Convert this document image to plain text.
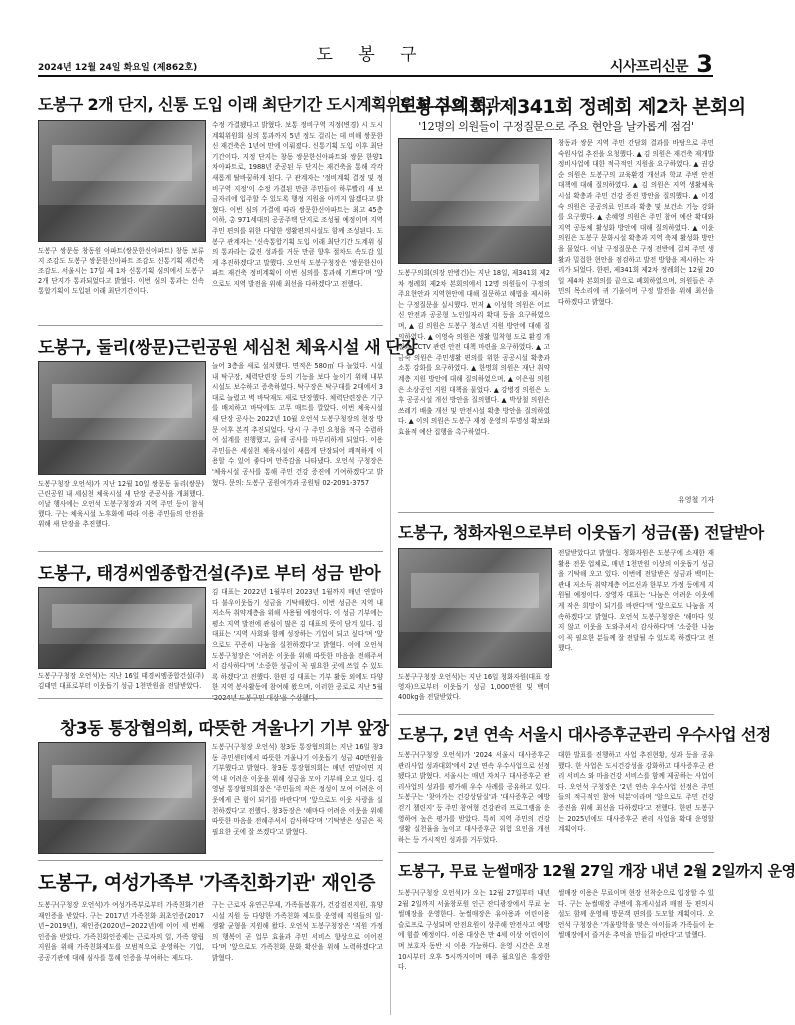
도 봉 구
2024년 12월 24일 화요일 (제862호)	시사프리신문 3
도봉구 2개 단지, 신통 도입 이래 최단기간 도시계획위원회 심의 통과
도봉구 쌍문동 창동원 아파트(쌍문한신아파트) 창동 보류지 조감도 도봉구 쌍문한신아파트 조감도 신통기획 재건축 조감도. 서울시는 17일 제 1차 신통기획 심의에서 도봉구 2개 단지가 통과되었다고 밝혔다. 이번 심의 통과는 신속통합기획이 도입된 이래 최단기간이다.
수정 가결됐다고 밝혔다. 보통 정비구역 지정(변경) 시 도시계획위원회 심의 통과까지 5년 정도 걸리는 데 비해 쌍문한신 재건축은 1년여 만에 이뤄졌다. 신통기획 도입 이후 최단기간이다. 지정 단지는 창동 쌍문한신아파트와 쌍문 한양1차아파트로, 1988년 준공된 두 단지는 재건축을 통해 각각 새롭게 탈바꿈하게 된다. 구 관계자는 '정비계획 결정 및 정비구역 지정'이 수정 가결된 만큼 주민들이 하루빨리 새 보금자리에 입주할 수 있도록 행정 지원을 아끼지 않겠다고 밝혔다. 이번 심의 가결에 따라 쌍문한신아파트는 최고 45층 이하, 총 971세대의 공공주택 단지로 조성될 예정이며 지역 주민 편의를 위한 다양한 생활편의시설도 함께 조성된다. 도봉구 관계자는 '신속통합기획 도입 이래 최단기간 도계위 심의 통과라는 값진 성과를 거둔 만큼 향후 절차도 속도감 있게 추진하겠다'고 말했다. 오언석 도봉구청장은 '쌍문한신아파트 재건축 정비계획이 이번 심의를 통과해 기쁘다'며 '앞으로도 지역 발전을 위해 최선을 다하겠다'고 전했다.
도봉구, 둘리(쌍문)근린공원 세심천 체육시설 새 단장
도봉구청장 오언석)가 지난 12월 10일 쌍문동 둘리(쌍문)근린공원 내 세심천 체육시설 새 단장 준공식을 개최했다. 이날 행사에는 오언석 도봉구청장과 지역 주민 등이 참석했다. 구는 체육시설 노후화에 따라 이용 주민들의 안전을 위해 새 단장을 추진했다.
늘어 3층을 새로 설치했다. 면적은 580㎡ 다 늘었다. 시설 내 탁구장, 체력단련장 등의 기능을 보다 높이기 위해 내부 시설도 보수하고 증축하였다. 탁구장은 탁구대를 2대에서 3대로 늘렸고 벽 바닥재도 새로 단장했다. 체력단련장은 기구를 배치하고 바닥에도 고무 매트를 깔았다. 이번 체육시설 새 단장 공사는 2022년 10월 오언석 도봉구청장의 현장 방문 이후 본격 추진되었다. 당시 구 주민 요청을 적극 수렴하여 설계를 진행했고, 올해 공사를 마무리하게 되었다. 이용 주민들은 세심천 체육시설이 새롭게 단장되어 쾌적하게 이용할 수 있어 좋다며 만족감을 나타냈다. 오언석 구청장은 '체육시설 공사를 통해 주민 건강 증진에 기여하겠다'고 밝혔다. 문의: 도봉구 공원여가과 공원팀 02-2091-3757
도봉구, 태경씨엠종합건설(주)로 부터 성금 받아
도봉구구청장 오언석)는 지난 16일 태경씨엠종합건설(주) 김태민 대표로부터 이웃돕기 성금 1천만원을 전달받았다.
김 대표는 2022년 1월부터 2023년 1월까지 매년 연말마다 불우이웃돕기 성금을 기탁해왔다. 이번 성금은 지역 내 저소득 취약계층을 위해 사용될 예정이다. 이 성금 기부에는 평소 지역 발전에 관심이 많은 김 대표의 뜻이 담겨 있다. 김 대표는 '지역 사회와 함께 성장하는 기업이 되고 싶다'며 '앞으로도 꾸준히 나눔을 실천하겠다'고 밝혔다. 이에 오언석 도봉구청장은 '어려운 이웃을 위해 따뜻한 마음을 전해주셔서 감사하다'며 '소중한 성금이 꼭 필요한 곳에 쓰일 수 있도록 하겠다'고 전했다. 한편 김 대표는 기부 활동 외에도 다양한 지역 봉사활동에 참여해 왔으며, 이러한 공로로 지난 5월 '2024년 도봉구민 대상'을 수상했다.
창3동 통장협의회, 따뜻한 겨울나기 기부 앞장
도봉구(구청장 오언석) 창3동 통장협의회는 지난 16일 창3동 주민센터에서 따뜻한 겨울나기 이웃돕기 성금 40만원을 기부했다고 밝혔다. 창3동 통장협의회는 매년 연말이면 지역 내 어려운 이웃을 위해 성금을 모아 기부해 오고 있다. 김영남 통장협의회장은 '주민들의 작은 정성이 모여 어려운 이웃에게 큰 힘이 되기를 바란다'며 '앞으로도 이웃 사랑을 실천하겠다'고 전했다. 창3동장은 '해마다 어려운 이웃을 위해 따뜻한 마음을 전해주셔서 감사하다'며 '기탁받은 성금은 꼭 필요한 곳에 잘 쓰겠다'고 밝혔다.
도봉구, 여성가족부 '가족친화기관' 재인증
도봉구(구청장 오언석)가 여성가족부로부터 가족친화기관 재인증을 받았다. 구는 2017년 가족친화 최초인증(2017년~2019년), 재인증(2020년~2022년)에 이어 세 번째 인증을 받았다. 가족친화인증제는 근로자의 일, 가족 양립 지원을 위해 가족친화제도를 모범적으로 운영하는 기업, 공공기관에 대해 심사를 통해 인증을 부여하는 제도다.
구는 근로자 유연근무제, 가족돌봄휴가, 건강검진지원, 휴양시설 지원 등 다양한 가족친화 제도를 운영해 직원들의 일·생활 균형을 지원해 왔다. 오언석 도봉구청장은 '직원 가정의 행복이 곧 업무 효율과 주민 서비스 향상으로 이어진다'며 '앞으로도 가족친화 문화 확산을 위해 노력하겠다'고 밝혔다.
도봉구의회, 제341회 정례회 제2차 본회의
'12명의 의원들이 구정질문으로 주요 현안을 날카롭게 점검'
도봉구의회(의장 안병건)는 지난 18일, 제341회 제2차 정례회 제2차 본회의에서 12명 의원들이 구정의 주요현안과 지역현안에 대해 질문하고 해법을 제시하는 구정질문을 실시했다. 먼저 ▲ 이성학 의원은 어르신 안전과 공공형 노인일자리 확대 등을 요구하였으며, ▲ 김 의원은 도봉구 청소년 지원 방안에 대해 질의하였다. ▲ 이영숙 의원은 생활 밀착형 도로 환경 개선과 CCTV 관련 안전 대책 마련을 요구하였다. ▲ 고금숙 의원은 주민생활 편의를 위한 공공시설 확충과 소통 강화를 요구하였다. ▲ 한명희 의원은 재난 취약계층 지원 방안에 대해 질의하였으며, ▲ 이은림 의원은 소상공인 지원 대책을 물었다. ▲ 강병경 의원은 노후 공공시설 개선 방안을 질의했다. ▲ 박상철 의원은 쓰레기 배출 개선 및 안전시설 확충 방안을 질의하였다. ▲ 이의 의원은 도봉구 재정 운영의 투명성 확보와 효율적 예산 집행을 촉구하였다.
창동과 쌍문 지역 주민 간담회 결과를 바탕으로 주민 숙원사업 추진을 요청했다. ▲ 김 의원은 재건축 재개발 정비사업에 대한 적극적인 지원을 요구하였다. ▲ 권강순 의원은 도봉구의 교육환경 개선과 학교 주변 안전 대책에 대해 질의하였다. ▲ 김 의원은 지역 생활체육 시설 확충과 주민 건강 증진 방안을 질의했다. ▲ 이경숙 의원은 공공의료 인프라 확충 및 보건소 기능 강화를 요구했다. ▲ 손혜영 의원은 주민 참여 예산 확대와 지역 공동체 활성화 방안에 대해 질의하였다. ▲ 이윤 의원은 도봉구 문화시설 확충과 지역 축제 활성화 방안을 물었다. 이날 구정질문은 구정 전반에 걸쳐 주민 생활과 밀접한 현안을 점검하고 발전 방향을 제시하는 자리가 되었다. 한편, 제341회 제2차 정례회는 12월 20일 제4차 본회의를 끝으로 폐회하였으며, 의원들은 주민의 목소리에 귀 기울이며 구정 발전을 위해 최선을 다하겠다고 밝혔다.
유영철 기자
도봉구, 청화자원으로부터 이웃돕기 성금(품) 전달받아
도봉구구청장 오언석)는 지난 16일 청화자원(대표 장영자)으로부터 이웃돕기 성금 1,000만원 및 백미 400kg을 전달받았다.
전달받았다고 밝혔다. 청화자원은 도봉구에 소재한 재활용 전문 업체로, 매년 1천만원 이상의 이웃돕기 성금을 기탁해 오고 있다. 이번에 전달받은 성금과 백미는 관내 저소득 취약계층 어르신과 한부모 가정 등에게 지원될 예정이다. 장영자 대표는 '나눔은 어려운 이웃에게 작은 희망이 되기를 바란다'며 '앞으로도 나눔을 지속하겠다'고 밝혔다. 오언석 도봉구청장은 '해마다 잊지 않고 이웃을 도와주셔서 감사하다'며 '소중한 나눔이 꼭 필요한 분들께 잘 전달될 수 있도록 하겠다'고 전했다.
도봉구, 2년 연속 서울시 대사증후군관리 우수사업 선정
도봉구(구청장 오언석)가 '2024 서울시 대사증후군 관리사업 성과대회'에서 2년 연속 우수사업으로 선정됐다고 밝혔다. 서울시는 매년 자치구 대사증후군 관리사업의 성과를 평가해 우수 사례를 공유하고 있다. 도봉구는 '찾아가는 건강상담실'과 '대사증후군 예방 걷기 챌린지' 등 주민 참여형 건강관리 프로그램을 운영하여 높은 평가를 받았다. 특히 지역 주민의 건강 생활 실천율을 높이고 대사증후군 위험 요인을 개선하는 등 가시적인 성과를 거두었다.
대한 발표를 진행하고 사업 추진현황, 성과 등을 공유했다. 한 사업은 도시건강성을 강화하고 대사증후군 관리 서비스 와 마을건강 서비스를 함께 제공하는 사업이다. 오언석 구청장은 '2년 연속 우수사업 선정은 주민들의 적극적인 참여 덕분'이라며 '앞으로도 주민 건강 증진을 위해 최선을 다하겠다'고 전했다. 한편 도봉구는 2025년에도 대사증후군 관리 사업을 확대 운영할 계획이다.
도봉구, 무료 눈썰매장 12월 27일 개장 내년 2월 2일까지 운영
도봉구(구청장 오언석)가 오는 12월 27일부터 내년 2월 2일까지 서울창포원 인근 잔디광장에서 무료 눈썰매장을 운영한다. 눈썰매장은 유아용과 어린이용 슬로프로 구성되며 안전요원이 상주해 안전사고 예방에 힘쓸 예정이다. 이용 대상은 만 4세 이상 어린이이며 보호자 동반 시 이용 가능하다. 운영 시간은 오전 10시부터 오후 5시까지이며 매주 월요일은 휴장한다.
썰매장 이용은 무료이며 현장 선착순으로 입장할 수 있다. 구는 눈썰매장 주변에 휴게시설과 매점 등 편의시설도 함께 운영해 방문객 편의를 도모할 계획이다. 오언석 구청장은 '겨울방학을 맞은 아이들과 가족들이 눈썰매장에서 즐거운 추억을 만들길 바란다'고 말했다.
